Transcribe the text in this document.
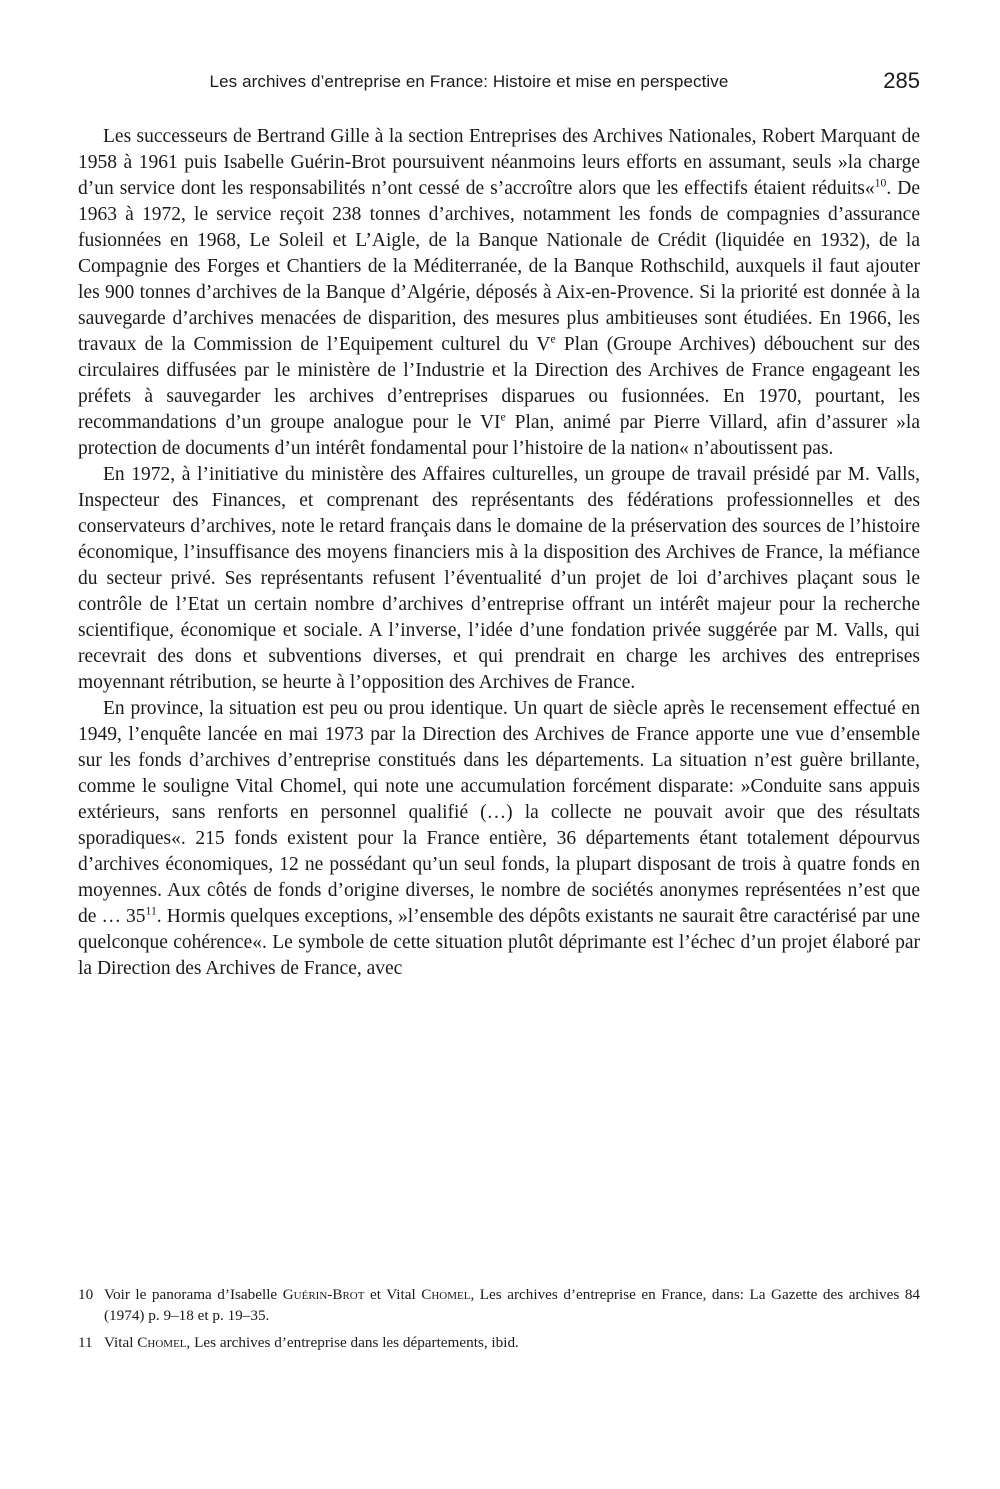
Les archives d’entreprise en France: Histoire et mise en perspective	285

Les successeurs de Bertrand Gille à la section Entreprises des Archives Nationales, Robert Marquant de 1958 à 1961 puis Isabelle Guérin-Brot poursuivent néanmoins leurs efforts en assumant, seuls »la charge d’un service dont les responsabilités n’ont cessé de s’accroître alors que les effectifs étaient réduits«$^{10}$. De 1963 à 1972, le service reçoit 238 tonnes d’archives, notamment les fonds de compagnies d’assurance fusionnées en 1968, Le Soleil et L’Aigle, de la Banque Nationale de Crédit (liquidée en 1932), de la Compagnie des Forges et Chantiers de la Méditerranée, de la Banque Rothschild, auxquels il faut ajouter les 900 tonnes d’archives de la Banque d’Algérie, déposés à Aix-en-Provence. Si la priorité est donnée à la sauvegarde d’archives menacées de disparition, des mesures plus ambitieuses sont étudiées. En 1966, les travaux de la Commission de l’Equipement culturel du Ve Plan (Groupe Archives) débouchent sur des circulaires diffusées par le ministère de l’Industrie et la Direction des Archives de France engageant les préfets à sauvegarder les archives d’entreprises disparues ou fusionnées. En 1970, pourtant, les recommandations d’un groupe analogue pour le VIe Plan, animé par Pierre Villard, afin d’assurer »la protection de documents d’un intérêt fondamental pour l’histoire de la nation« n’aboutissent pas.

En 1972, à l’initiative du ministère des Affaires culturelles, un groupe de travail présidé par M. Valls, Inspecteur des Finances, et comprenant des représentants des fédérations professionnelles et des conservateurs d’archives, note le retard français dans le domaine de la préservation des sources de l’histoire économique, l’insuffisance des moyens financiers mis à la disposition des Archives de France, la méfiance du secteur privé. Ses représentants refusent l’éventualité d’un projet de loi d’archives plaçant sous le contrôle de l’Etat un certain nombre d’archives d’entreprise offrant un intérêt majeur pour la recherche scientifique, économique et sociale. A l’inverse, l’idée d’une fondation privée suggérée par M. Valls, qui recevrait des dons et subventions diverses, et qui prendrait en charge les archives des entreprises moyennant rétribution, se heurte à l’opposition des Archives de France.

En province, la situation est peu ou prou identique. Un quart de siècle après le recensement effectué en 1949, l’enquête lancée en mai 1973 par la Direction des Archives de France apporte une vue d’ensemble sur les fonds d’archives d’entreprise constitués dans les départements. La situation n’est guère brillante, comme le souligne Vital Chomel, qui note une accumulation forcément disparate: »Conduite sans appuis extérieurs, sans renforts en personnel qualifié (…) la collecte ne pouvait avoir que des résultats sporadiques«. 215 fonds existent pour la France entière, 36 départements étant totalement dépourvus d’archives économiques, 12 ne possédant qu’un seul fonds, la plupart disposant de trois à quatre fonds en moyennes. Aux côtés de fonds d’origine diverses, le nombre de sociétés anonymes représentées n’est que de … $35^{11}$. Hormis quelques exceptions, »l’ensemble des dépôts existants ne saurait être caractérisé par une quelconque cohérence«. Le symbole de cette situation plutôt déprimante est l’échec d’un projet élaboré par la Direction des Archives de France, avec

10 Voir le panorama d’Isabelle Guérin-Brot et Vital Chomel, Les archives d’entreprise en France, dans: La Gazette des archives 84 (1974) p. 9–18 et p. 19–35.
11 Vital Chomel, Les archives d’entreprise dans les départements, ibid.
